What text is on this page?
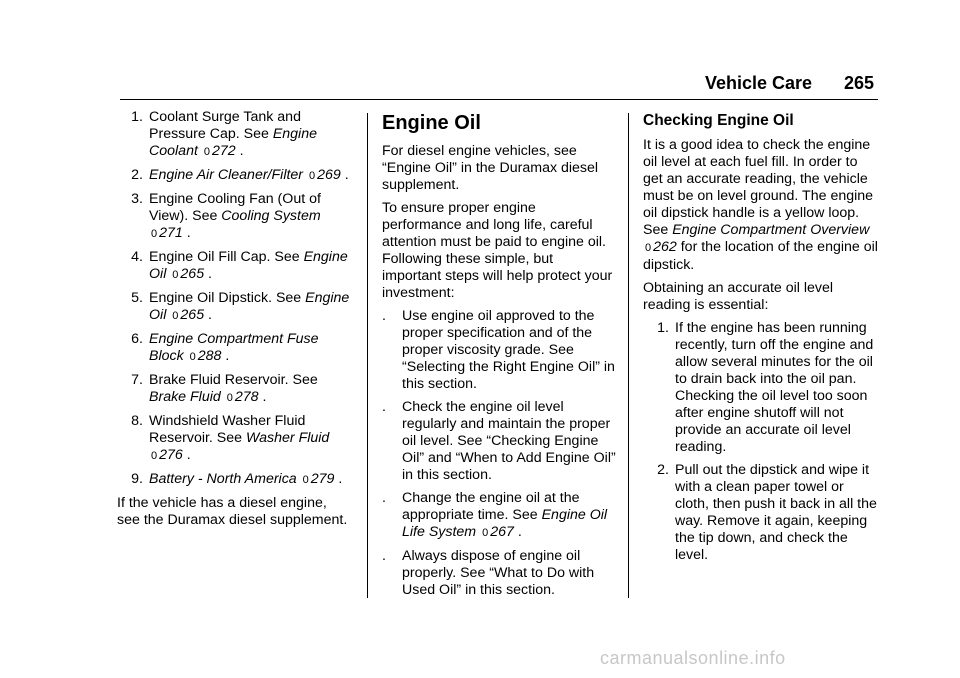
Vehicle Care 265
1. Coolant Surge Tank and Pressure Cap. See Engine Coolant 0 272 .
2. Engine Air Cleaner/Filter 0 269 .
3. Engine Cooling Fan (Out of View). See Cooling System 0 271 .
4. Engine Oil Fill Cap. See Engine Oil 0 265 .
5. Engine Oil Dipstick. See Engine Oil 0 265 .
6. Engine Compartment Fuse Block 0 288 .
7. Brake Fluid Reservoir. See Brake Fluid 0 278 .
8. Windshield Washer Fluid Reservoir. See Washer Fluid 0 276 .
9. Battery - North America 0 279 .

If the vehicle has a diesel engine, see the Duramax diesel supplement.

Engine Oil

For diesel engine vehicles, see “Engine Oil” in the Duramax diesel supplement.

To ensure proper engine performance and long life, careful attention must be paid to engine oil. Following these simple, but important steps will help protect your investment:

.	Use engine oil approved to the proper specification and of the proper viscosity grade. See “Selecting the Right Engine Oil” in this section.
.	Check the engine oil level regularly and maintain the proper oil level. See “Checking Engine Oil” and “When to Add Engine Oil” in this section.
.	Change the engine oil at the appropriate time. See Engine Oil Life System 0 267 .
.	Always dispose of engine oil properly. See “What to Do with Used Oil” in this section.
Checking Engine Oil

It is a good idea to check the engine oil level at each fuel fill. In order to get an accurate reading, the vehicle must be on level ground. The engine oil dipstick handle is a yellow loop. See Engine Compartment Overview 0 262 for the location of the engine oil dipstick.

Obtaining an accurate oil level reading is essential:

1. If the engine has been running recently, turn off the engine and allow several minutes for the oil to drain back into the oil pan. Checking the oil level too soon after engine shutoff will not provide an accurate oil level reading.
2. Pull out the dipstick and wipe it with a clean paper towel or cloth, then push it back in all the way. Remove it again, keeping the tip down, and check the level.
carmanualsonline.info
